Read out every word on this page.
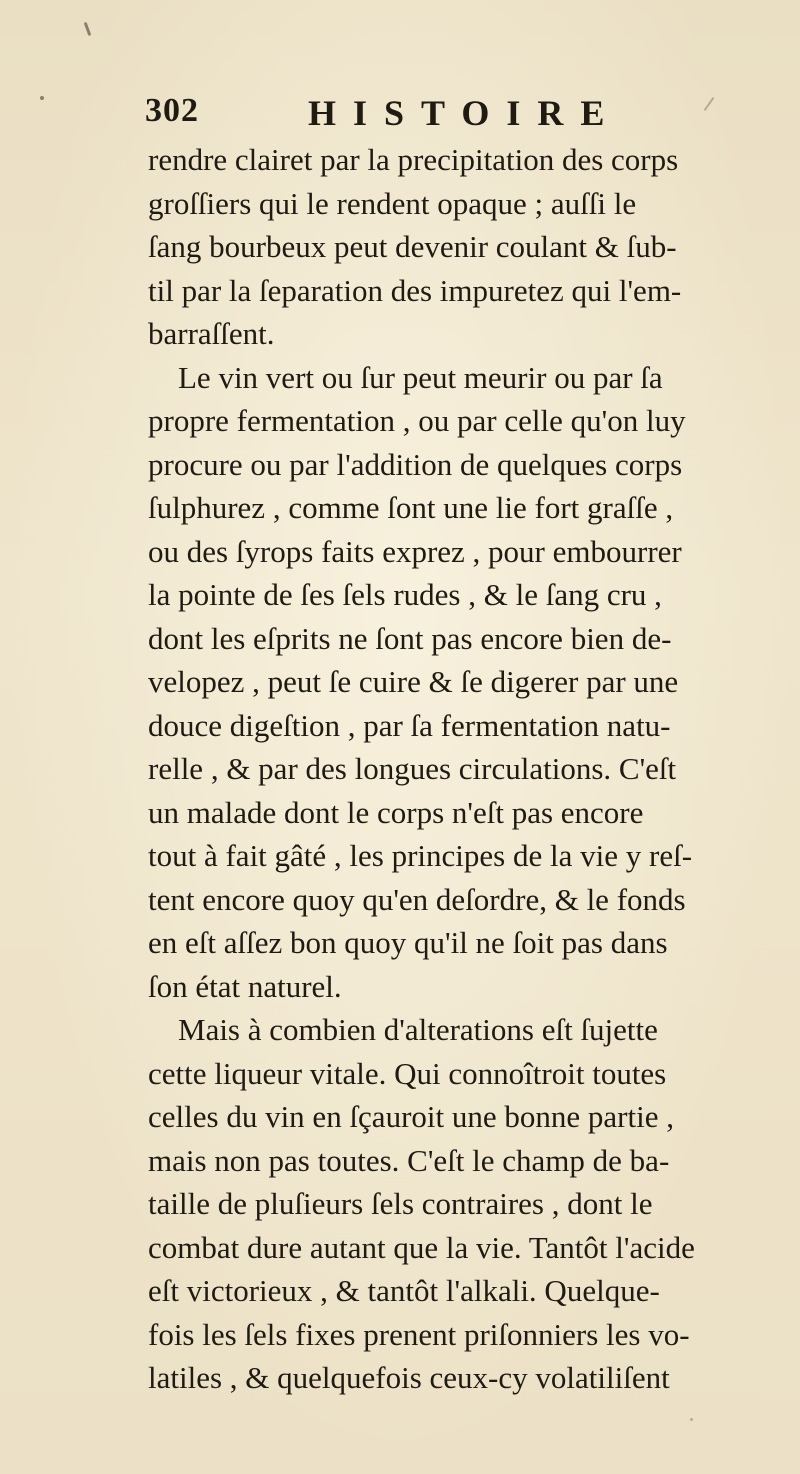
302	HISTOIRE
rendre clairet par la precipitation des corps
groſſiers qui le rendent opaque ; auſſi le
ſang bourbeux peut devenir coulant & ſub-
til par la ſeparation des impuretez qui l'em-
barraſſent.
Le vin vert ou ſur peut meurir ou par ſa
propre fermentation , ou par celle qu'on luy
procure ou par l'addition de quelques corps
ſulphurez , comme ſont une lie fort graſſe ,
ou des ſyrops faits exprez , pour embourrer
la pointe de ſes ſels rudes , & le ſang cru ,
dont les eſprits ne ſont pas encore bien de-
velopez , peut ſe cuire & ſe digerer par une
douce digeſtion , par ſa fermentation natu-
relle , & par des longues circulations. C'eſt
un malade dont le corps n'eſt pas encore
tout à fait gâté , les principes de la vie y reſ-
tent encore quoy qu'en deſordre, & le fonds
en eſt aſſez bon quoy qu'il ne ſoit pas dans
ſon état naturel.
Mais à combien d'alterations eſt ſujette
cette liqueur vitale. Qui connoîtroit toutes
celles du vin en ſçauroit une bonne partie ,
mais non pas toutes. C'eſt le champ de ba-
taille de pluſieurs ſels contraires , dont le
combat dure autant que la vie. Tantôt l'acide
eſt victorieux , & tantôt l'alkali. Quelque-
fois les ſels fixes prenent priſonniers les vo-
latiles , & quelquefois ceux-cy volatiliſent
